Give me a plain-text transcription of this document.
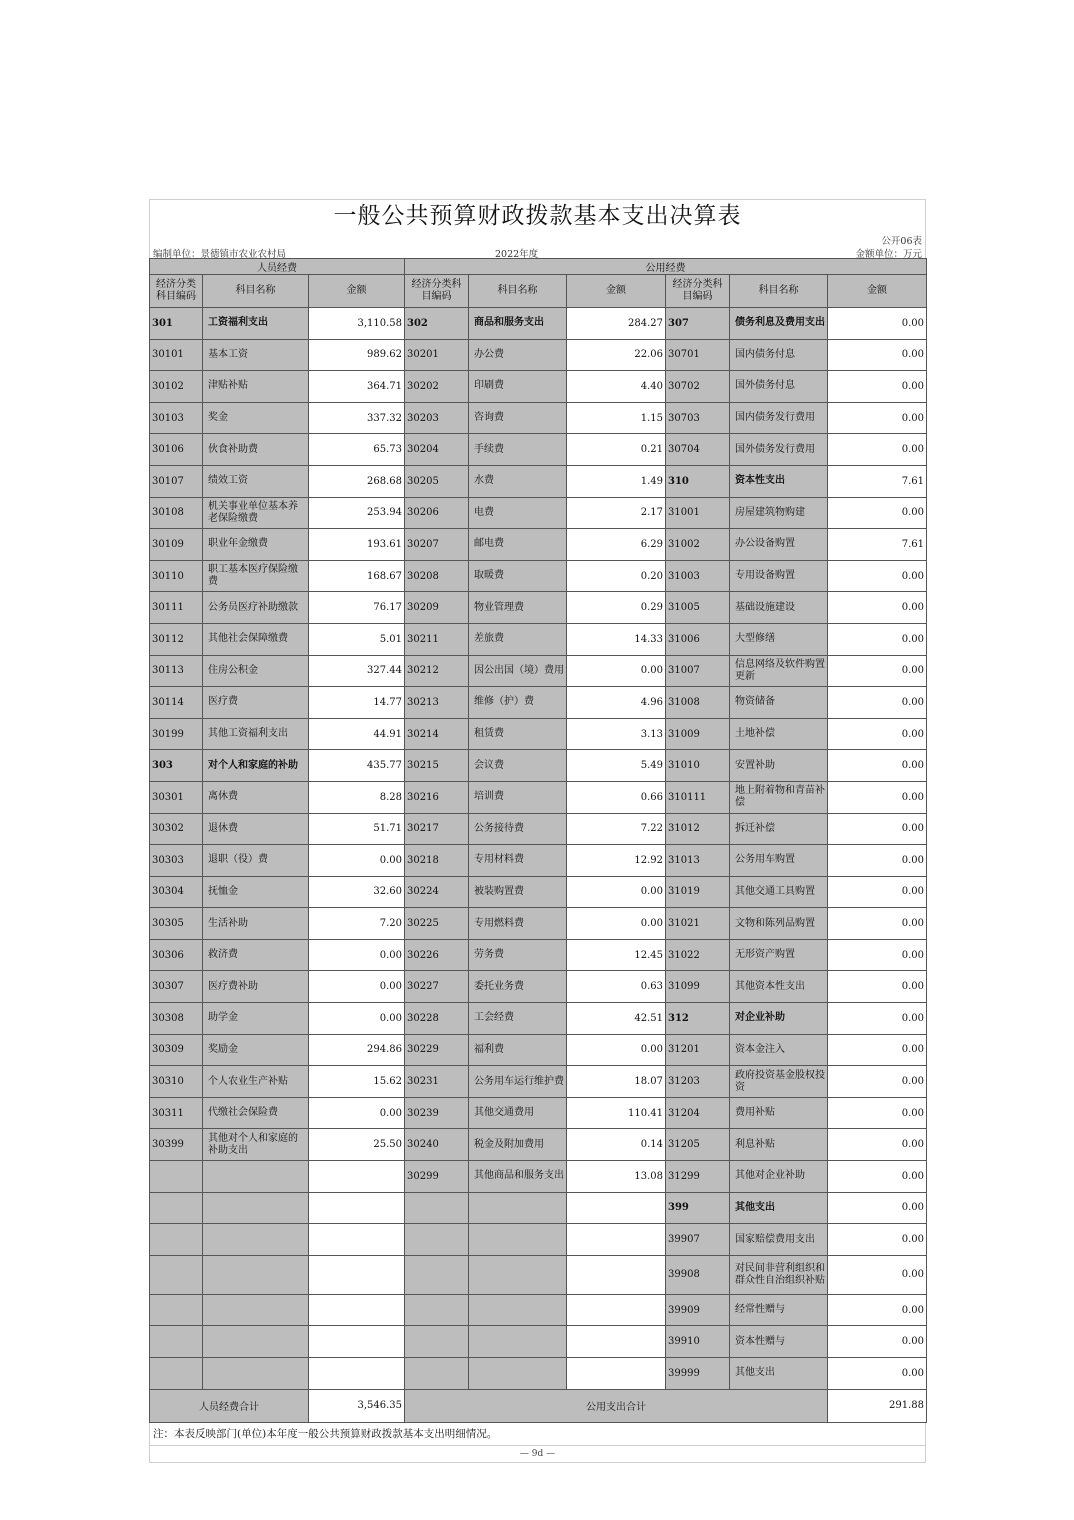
一般公共预算财政拨款基本支出决算表
编制单位：景德镇市农业农村局	2022年度
公开06表
金额单位：万元
人员经费			公用经费					
经济分类科目编码	科目名称	金额	经济分类科目编码	科目名称	金额	经济分类科目编码	科目名称	金额
301	工资福利支出	3,110.58	302	商品和服务支出	284.27	307	债务利息及费用支出	0.00
30101	基本工资	989.62	30201	办公费	22.06	30701	国内债务付息	0.00
30102	津贴补贴	364.71	30202	印刷费	4.40	30702	国外债务付息	0.00
30103	奖金	337.32	30203	咨询费	1.15	30703	国内债务发行费用	0.00
30106	伙食补助费	65.73	30204	手续费	0.21	30704	国外债务发行费用	0.00
30107	绩效工资	268.68	30205	水费	1.49	310	资本性支出	7.61
30108	机关事业单位基本养老保险缴费	253.94	30206	电费	2.17	31001	房屋建筑物购建	0.00
30109	职业年金缴费	193.61	30207	邮电费	6.29	31002	办公设备购置	7.61
30110	职工基本医疗保险缴费	168.67	30208	取暖费	0.20	31003	专用设备购置	0.00
30111	公务员医疗补助缴款	76.17	30209	物业管理费	0.29	31005	基础设施建设	0.00
30112	其他社会保障缴费	5.01	30211	差旅费	14.33	31006	大型修缮	0.00
30113	住房公积金	327.44	30212	因公出国（境）费用	0.00	31007	信息网络及软件购置更新	0.00
30114	医疗费	14.77	30213	维修（护）费	4.96	31008	物资储备	0.00
30199	其他工资福利支出	44.91	30214	租赁费	3.13	31009	土地补偿	0.00
303	对个人和家庭的补助	435.77	30215	会议费	5.49	31010	安置补助	0.00
30301	离休费	8.28	30216	培训费	0.66	310111	地上附着物和青苗补偿	0.00
30302	退休费	51.71	30217	公务接待费	7.22	31012	拆迁补偿	0.00
30303	退职（役）费	0.00	30218	专用材料费	12.92	31013	公务用车购置	0.00
30304	抚恤金	32.60	30224	被装购置费	0.00	31019	其他交通工具购置	0.00
30305	生活补助	7.20	30225	专用燃料费	0.00	31021	文物和陈列品购置	0.00
30306	救济费	0.00	30226	劳务费	12.45	31022	无形资产购置	0.00
30307	医疗费补助	0.00	30227	委托业务费	0.63	31099	其他资本性支出	0.00
30308	助学金	0.00	30228	工会经费	42.51	312	对企业补助	0.00
30309	奖励金	294.86	30229	福利费	0.00	31201	资本金注入	0.00
30310	个人农业生产补贴	15.62	30231	公务用车运行维护费	18.07	31203	政府投资基金股权投资	0.00
30311	代缴社会保险费	0.00	30239	其他交通费用	110.41	31204	费用补贴	0.00
30399	其他对个人和家庭的补助支出	25.50	30240	税金及附加费用	0.14	31205	利息补贴	0.00
			30299	其他商品和服务支出	13.08	31299	其他对企业补助	0.00
						399	其他支出	0.00
						39907	国家赔偿费用支出	0.00
						39908	对民间非营利组织和群众性自治组织补贴	0.00
						39909	经常性赠与	0.00
						39910	资本性赠与	0.00
						39999	其他支出	0.00
人员经费合计		3,546.35	公用支出合计					291.88
注：本表反映部门(单位)本年度一般公共预算财政拨款基本支出明细情况。
— 9d —
